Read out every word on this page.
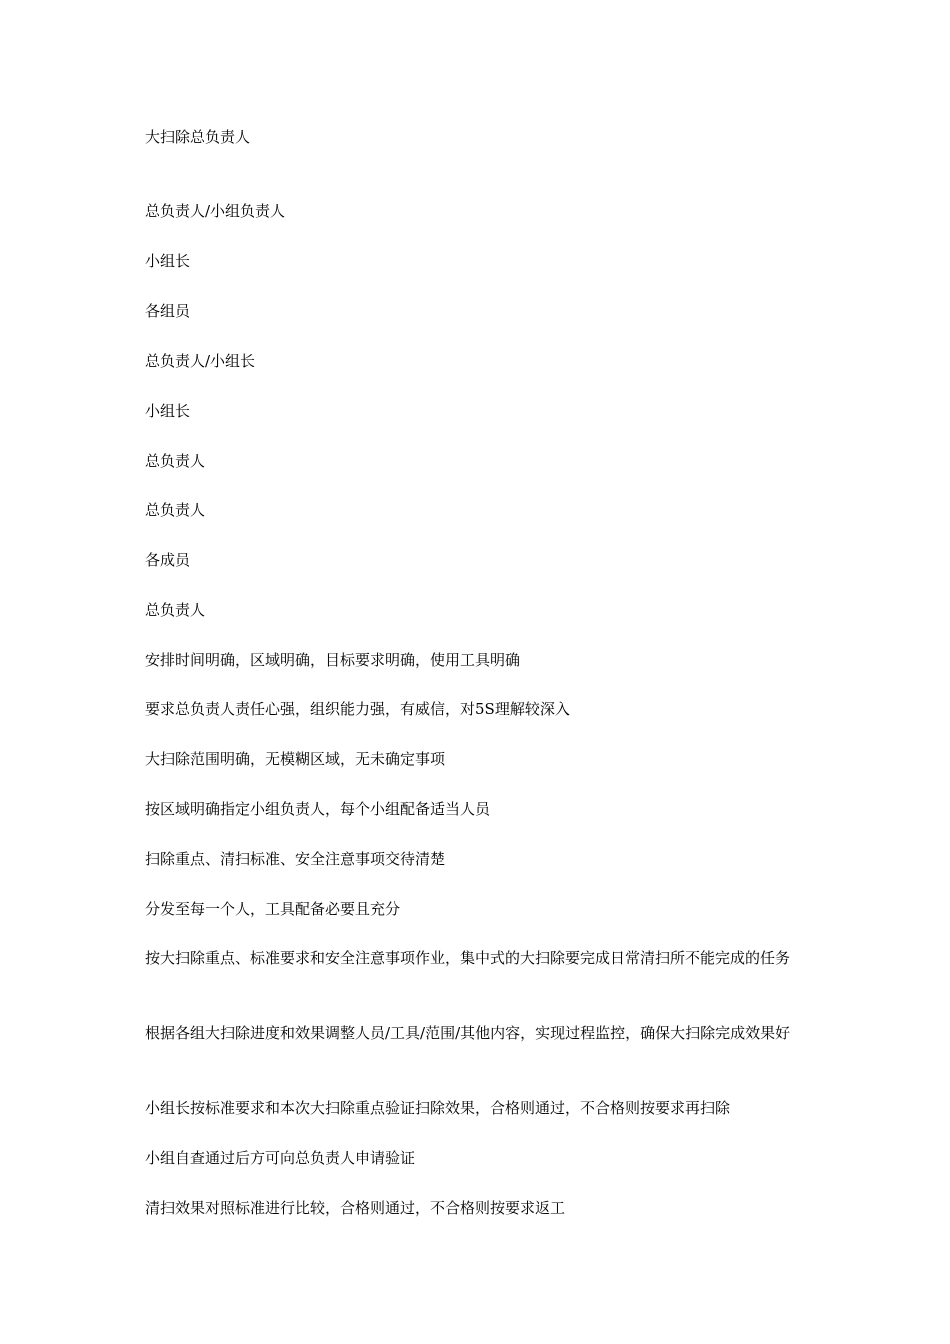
大扫除总负责人
总负责人/小组负责人
小组长
各组员
总负责人/小组长
小组长
总负责人
总负责人
各成员
总负责人
安排时间明确，区域明确，目标要求明确，使用工具明确
要求总负责人责任心强，组织能力强，有威信，对5S理解较深入
大扫除范围明确，无模糊区域，无未确定事项
按区域明确指定小组负责人，每个小组配备适当人员
扫除重点、清扫标准、安全注意事项交待清楚
分发至每一个人，工具配备必要且充分
按大扫除重点、标准要求和安全注意事项作业，集中式的大扫除要完成日常清扫所不能完成的任务
根据各组大扫除进度和效果调整人员/工具/范围/其他内容，实现过程监控，确保大扫除完成效果好
小组长按标准要求和本次大扫除重点验证扫除效果，合格则通过，不合格则按要求再扫除
小组自查通过后方可向总负责人申请验证
清扫效果对照标准进行比较，合格则通过，不合格则按要求返工
